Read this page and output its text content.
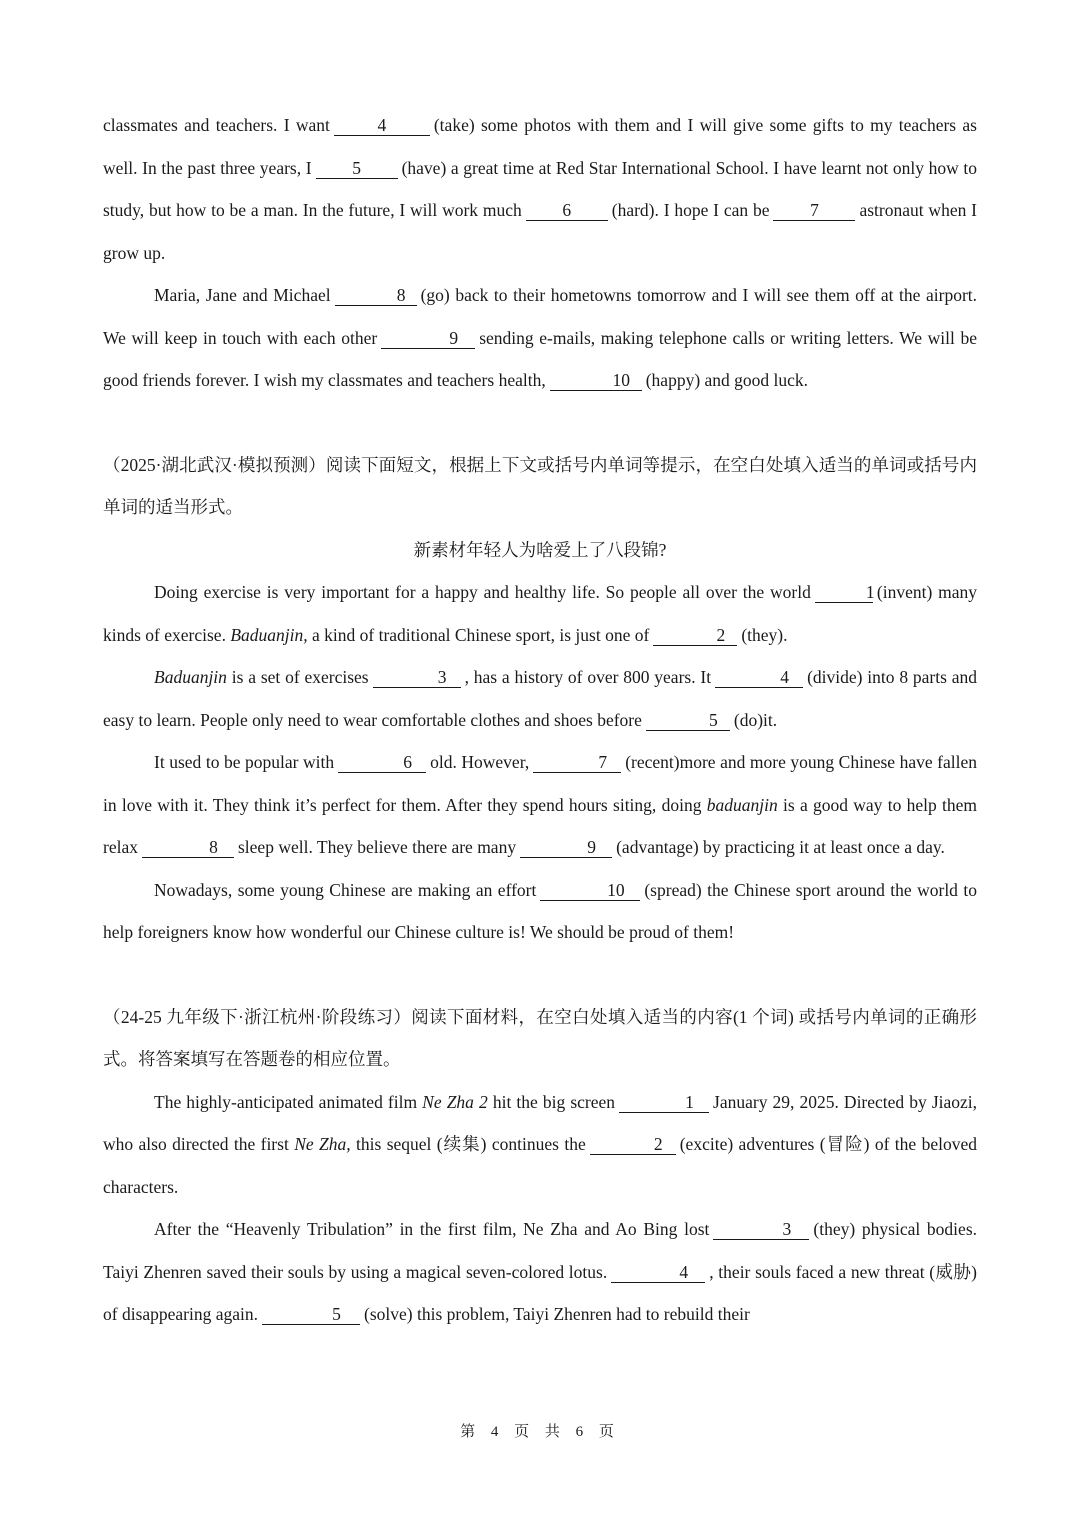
classmates and teachers. I want	4	(take) some photos with them and I will give some gifts to my teachers as well. In the past three years, I 5 (have) a great time at Red Star International School. I have learnt not only how to study, but how to be a man. In the future, I will work much 6 (hard). I hope I can be 7 astronaut when I grow up.

Maria, Jane and Michael	8 (go) back to their hometowns tomorrow and I will see them off at the airport. We will keep in touch with each other	9 sending e-mails, making telephone calls or writing letters. We will be good friends forever. I wish my classmates and teachers health,	10 (happy) and good luck.

（2025·湖北武汉·模拟预测）阅读下面短文，根据上下文或括号内单词等提示，在空白处填入适当的单词或括号内单词的适当形式。

新素材年轻人为啥爱上了八段锦?

Doing exercise is very important for a happy and healthy life. So people all over the world	1 (invent) many kinds of exercise. Baduanjin, a kind of traditional Chinese sport, is just one of	2 (they).

Baduanjin is a set of exercises	3 , has a history of over 800 years. It	4 (divide) into 8 parts and easy to learn. People only need to wear comfortable clothes and shoes before	5 (do)it.

It used to be popular with	6 old. However,	7 (recent)more and more young Chinese have fallen in love with it. They think it’s perfect for them. After they spend hours siting, doing baduanjin is a good way to help them relax	8 sleep well. They believe there are many	9 (advantage) by practicing it at least once a day.

Nowadays, some young Chinese are making an effort	10 (spread) the Chinese sport around the world to help foreigners know how wonderful our Chinese culture is! We should be proud of them!

（24-25 九年级下·浙江杭州·阶段练习）阅读下面材料，在空白处填入适当的内容(1 个词) 或括号内单词的正确形式。将答案填写在答题卷的相应位置。

The highly-anticipated animated film Ne Zha 2 hit the big screen	1 January 29, 2025. Directed by Jiaozi, who also directed the first Ne Zha, this sequel (续集) continues the	2 (excite) adventures (冒险) of the beloved characters.

After the “Heavenly Tribulation” in the first film, Ne Zha and Ao Bing lost	3 (they) physical bodies. Taiyi Zhenren saved their souls by using a magical seven-colored lotus.	4 , their souls faced a new threat (威胁) of disappearing again.	5 (solve) this problem, Taiyi Zhenren had to rebuild their

第 4 页 共 6 页
